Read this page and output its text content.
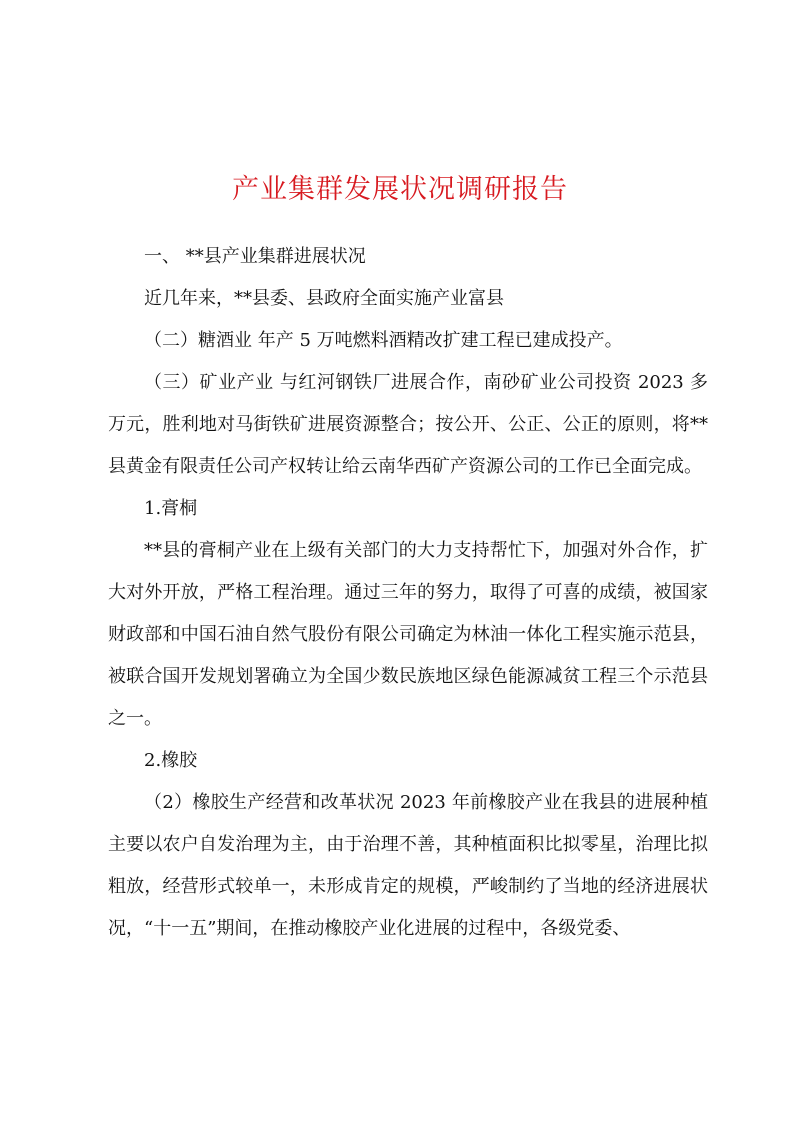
产业集群发展状况调研报告

一、 **县产业集群进展状况

近几年来，**县委、县政府全面实施产业富县

（二）糖酒业 年产 5 万吨燃料酒精改扩建工程已建成投产。

（三）矿业产业 与红河钢铁厂进展合作，南砂矿业公司投资 2023 多万元，胜利地对马街铁矿进展资源整合；按公开、公正、公正的原则，将**县黄金有限责任公司产权转让给云南华西矿产资源公司的工作已全面完成。

1.膏桐

**县的膏桐产业在上级有关部门的大力支持帮忙下，加强对外合作，扩大对外开放，严格工程治理。通过三年的努力，取得了可喜的成绩，被国家财政部和中国石油自然气股份有限公司确定为林油一体化工程实施示范县，被联合国开发规划署确立为全国少数民族地区绿色能源减贫工程三个示范县之一。

2.橡胶

（2）橡胶生产经营和改革状况 2023 年前橡胶产业在我县的进展种植主要以农户自发治理为主，由于治理不善，其种植面积比拟零星，治理比拟粗放，经营形式较单一，未形成肯定的规模，严峻制约了当地的经济进展状况，“十一五”期间，在推动橡胶产业化进展的过程中，各级党委、
